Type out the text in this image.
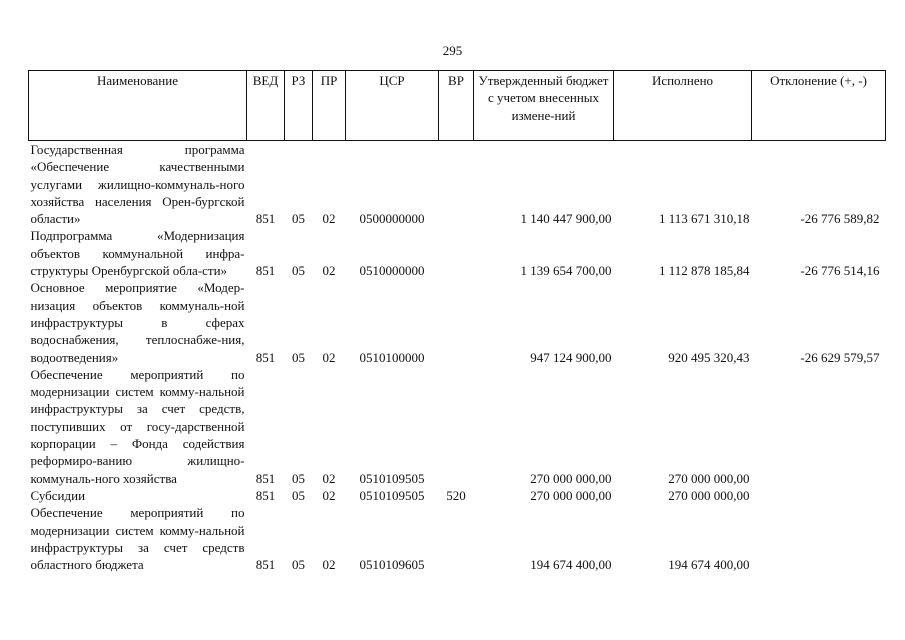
295
Наименование	ВЕД	РЗ	ПР	ЦСР	ВР	Утвержденный бюджет с учетом внесенных измене-ний	Исполнено	Отклонение (+, -)
Государственная программа «Обеспечение качественными услугами жилищно-коммуналь-ного хозяйства населения Орен-бургской области»	851	05	02	0500000000		1 140 447 900,00	1 113 671 310,18	-26 776 589,82
Подпрограмма «Модернизация объектов коммунальной инфра-структуры Оренбургской обла-сти»	851	05	02	0510000000		1 139 654 700,00	1 112 878 185,84	-26 776 514,16
Основное мероприятие «Модер-низация объектов коммуналь-ной инфраструктуры в сферах водоснабжения, теплоснабже-ния, водоотведения»	851	05	02	0510100000		947 124 900,00	920 495 320,43	-26 629 579,57
Обеспечение мероприятий по модернизации систем комму-нальной инфраструктуры за счет средств, поступивших от госу-дарственной корпорации – Фонда содействия реформиро-ванию жилищно-коммуналь-ного хозяйства	851	05	02	0510109505		270 000 000,00	270 000 000,00	
Субсидии	851	05	02	0510109505	520	270 000 000,00	270 000 000,00	
Обеспечение мероприятий по модернизации систем комму-нальной инфраструктуры за счет средств областного бюджета	851	05	02	0510109605		194 674 400,00	194 674 400,00	
